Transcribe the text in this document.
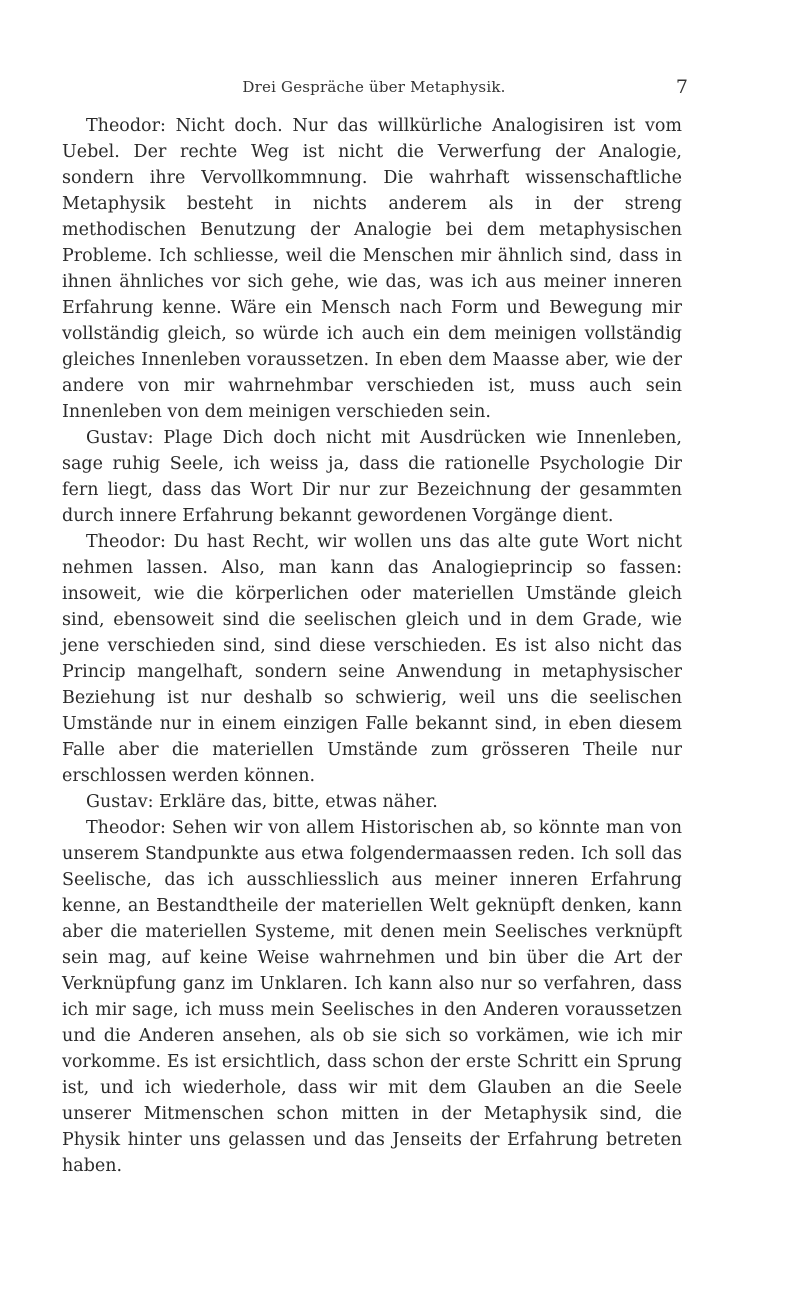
Drei Gespräche über Metaphysik.	7

Theodor: Nicht doch. Nur das willkürliche Analogisiren ist vom Uebel. Der rechte Weg ist nicht die Verwerfung der Analogie, sondern ihre Vervollkommnung. Die wahrhaft wissenschaftliche Metaphysik besteht in nichts anderem als in der streng methodischen Benutzung der Analogie bei dem metaphysischen Probleme. Ich schliesse, weil die Menschen mir ähnlich sind, dass in ihnen ähnliches vor sich gehe, wie das, was ich aus meiner inneren Erfahrung kenne. Wäre ein Mensch nach Form und Bewegung mir vollständig gleich, so würde ich auch ein dem meinigen vollständig gleiches Innenleben voraussetzen. In eben dem Maasse aber, wie der andere von mir wahrnehmbar verschieden ist, muss auch sein Innenleben von dem meinigen verschieden sein.

Gustav: Plage Dich doch nicht mit Ausdrücken wie Innenleben, sage ruhig Seele, ich weiss ja, dass die rationelle Psychologie Dir fern liegt, dass das Wort Dir nur zur Bezeichnung der gesammten durch innere Erfahrung bekannt gewordenen Vorgänge dient.

Theodor: Du hast Recht, wir wollen uns das alte gute Wort nicht nehmen lassen. Also, man kann das Analogieprincip so fassen: insoweit, wie die körperlichen oder materiellen Umstände gleich sind, ebensoweit sind die seelischen gleich und in dem Grade, wie jene verschieden sind, sind diese verschieden. Es ist also nicht das Princip mangelhaft, sondern seine Anwendung in metaphysischer Beziehung ist nur deshalb so schwierig, weil uns die seelischen Umstände nur in einem einzigen Falle bekannt sind, in eben diesem Falle aber die materiellen Umstände zum grösseren Theile nur erschlossen werden können.

Gustav: Erkläre das, bitte, etwas näher.

Theodor: Sehen wir von allem Historischen ab, so könnte man von unserem Standpunkte aus etwa folgendermaassen reden. Ich soll das Seelische, das ich ausschliesslich aus meiner inneren Erfahrung kenne, an Bestandtheile der materiellen Welt geknüpft denken, kann aber die materiellen Systeme, mit denen mein Seelisches verknüpft sein mag, auf keine Weise wahrnehmen und bin über die Art der Verknüpfung ganz im Unklaren. Ich kann also nur so verfahren, dass ich mir sage, ich muss mein Seelisches in den Anderen voraussetzen und die Anderen ansehen, als ob sie sich so vorkämen, wie ich mir vorkomme. Es ist ersichtlich, dass schon der erste Schritt ein Sprung ist, und ich wiederhole, dass wir mit dem Glauben an die Seele unserer Mitmenschen schon mitten in der Metaphysik sind, die Physik hinter uns gelassen und das Jenseits der Erfahrung betreten haben.
